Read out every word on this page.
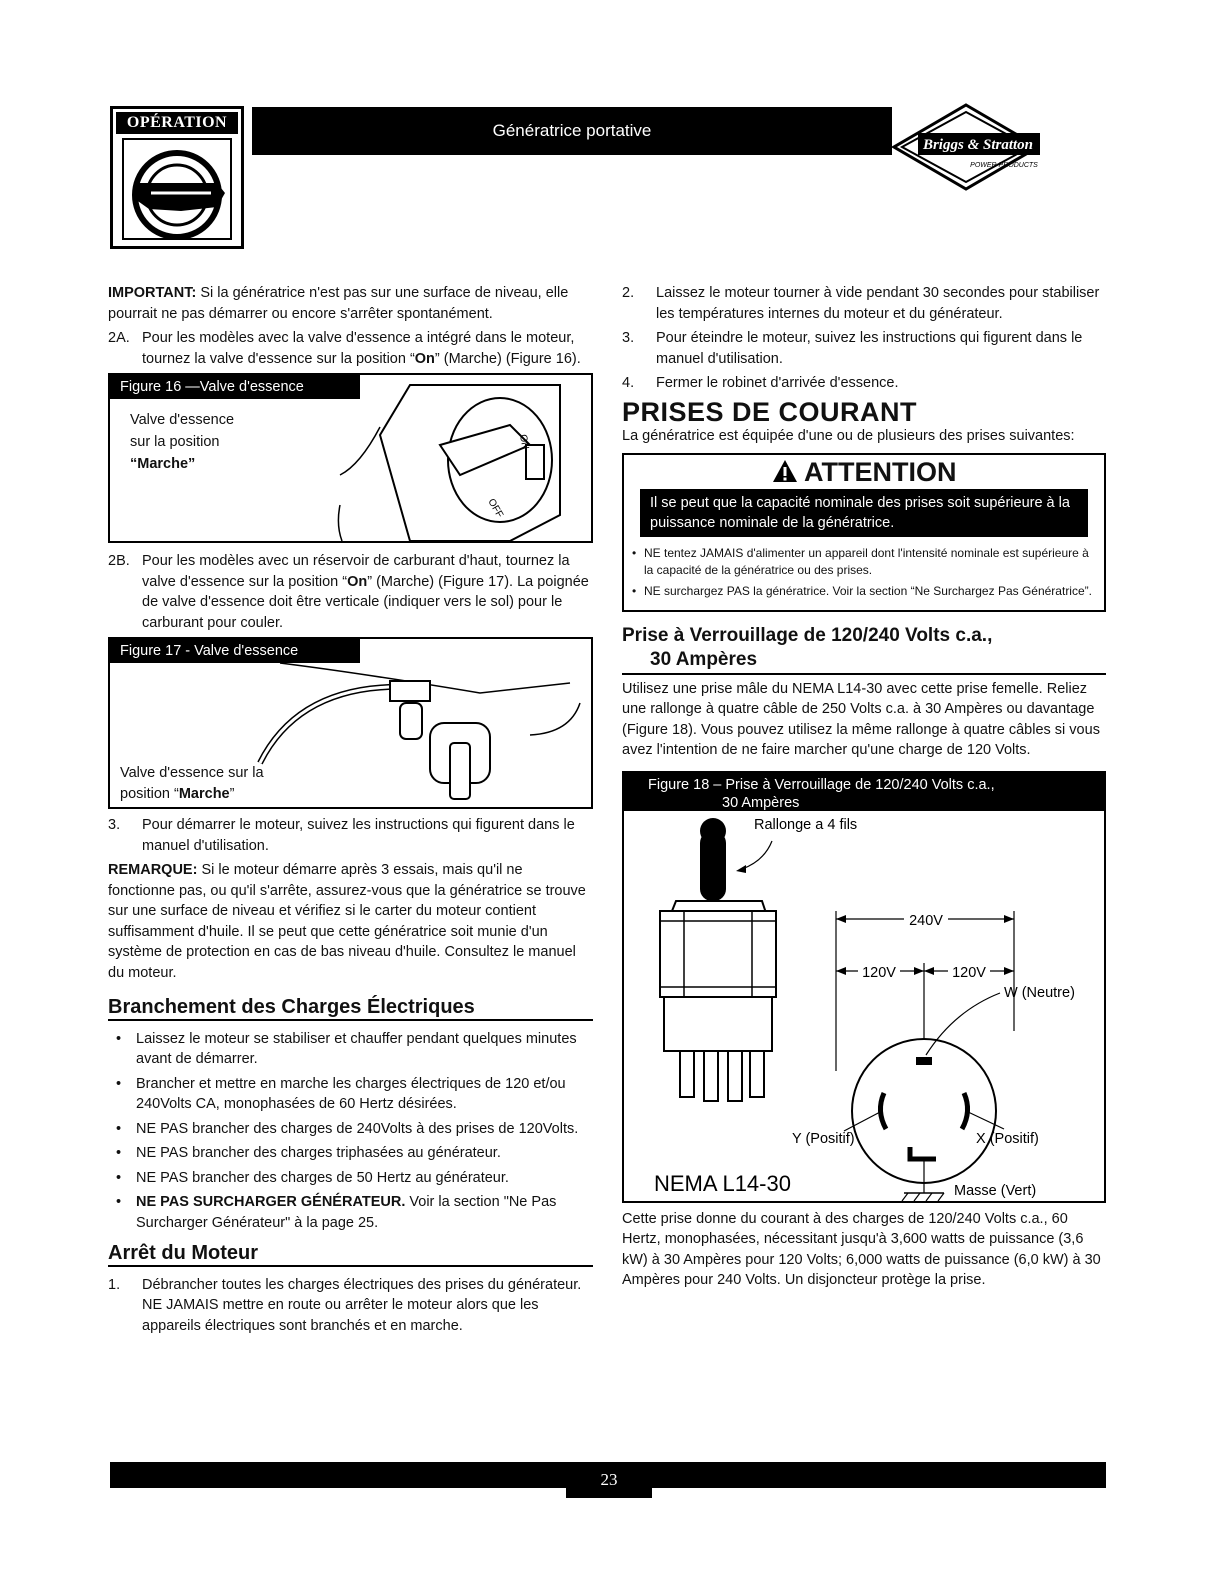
OPÉRATION	Génératrice portative
Briggs & Stratton
POWER PRODUCTS

IMPORTANT: Si la génératrice n'est pas sur une surface de niveau, elle pourrait ne pas démarrer ou encore s'arrêter spontanément.

2A. Pour les modèles avec la valve d'essence a intégré dans le moteur, tournez la valve d'essence sur la position “On” (Marche) (Figure 16).
Figure 16 —Valve d'essence
Valve d'essence
sur la position
“Marche”
ON
OFF
2B. Pour les modèles avec un réservoir de carburant d'haut, tournez la valve d'essence sur la position “On” (Marche) (Figure 17). La poignée de valve d'essence doit être verticale (indiquer vers le sol) pour le carburant pour couler.
Figure 17 - Valve d'essence
Valve d'essence sur la
position “Marche”
3. Pour démarrer le moteur, suivez les instructions qui figurent dans le manuel d'utilisation.

REMARQUE: Si le moteur démarre après 3 essais, mais qu'il ne fonctionne pas, ou qu'il s'arrête, assurez-vous que la génératrice se trouve sur une surface de niveau et vérifiez si le carter du moteur contient suffisamment d'huile. Il se peut que cette génératrice soit munie d'un système de protection en cas de bas niveau d'huile. Consultez le manuel du moteur.

Branchement des Charges Électriques
• Laissez le moteur se stabiliser et chauffer pendant quelques minutes avant de démarrer.
• Brancher et mettre en marche les charges électriques de 120 et/ou 240Volts CA, monophasées de 60 Hertz désirées.
• NE PAS brancher des charges de 240Volts à des prises de 120Volts.
• NE PAS brancher des charges triphasées au générateur.
• NE PAS brancher des charges de 50 Hertz au générateur.
• NE PAS SURCHARGER GÉNÉRATEUR. Voir la section "Ne Pas Surcharger Générateur" à la page 25.
Arrêt du Moteur
1. Débrancher toutes les charges électriques des prises du générateur. NE JAMAIS mettre en route ou arrêter le moteur alors que les appareils électriques sont branchés et en marche.
2. Laissez le moteur tourner à vide pendant 30 secondes pour stabiliser les températures internes du moteur et du générateur.
3. Pour éteindre le moteur, suivez les instructions qui figurent dans le manuel d'utilisation.
4. Fermer le robinet d'arrivée d'essence.
PRISES DE COURANT

La génératrice est équipée d'une ou de plusieurs des prises suivantes:

ATTENTION
Il se peut que la capacité nominale des prises soit supérieure à la puissance nominale de la génératrice.
• NE tentez JAMAIS d'alimenter un appareil dont l'intensité nominale est supérieure à la capacité de la génératrice ou des prises.
• NE surchargez PAS la génératrice. Voir la section “Ne Surchargez Pas Génératrice”.
Prise à Verrouillage de 120/240 Volts c.a.,
30 Ampères

Utilisez une prise mâle du NEMA L14-30 avec cette prise femelle. Reliez une rallonge à quatre câble de 250 Volts c.a. à 30 Ampères ou davantage (Figure 18). Vous pouvez utilisez la même rallonge à quatre câbles si vous avez l'intention de ne faire marcher qu'une charge de 120 Volts.

Figure 18 – Prise à Verrouillage de 120/240 Volts c.a.,
30 Ampères
Rallonge a 4 fils
240V
120V	120V
W (Neutre)
Y (Positif)	X (Positif)
Masse (Vert)
NEMA L14-30

Cette prise donne du courant à des charges de 120/240 Volts c.a., 60 Hertz, monophasées, nécessitant jusqu'à 3,600 watts de puissance (3,6 kW) à 30 Ampères pour 120 Volts; 6,000 watts de puissance (6,0 kW) à 30 Ampères pour 240 Volts. Un disjoncteur protège la prise.

23
